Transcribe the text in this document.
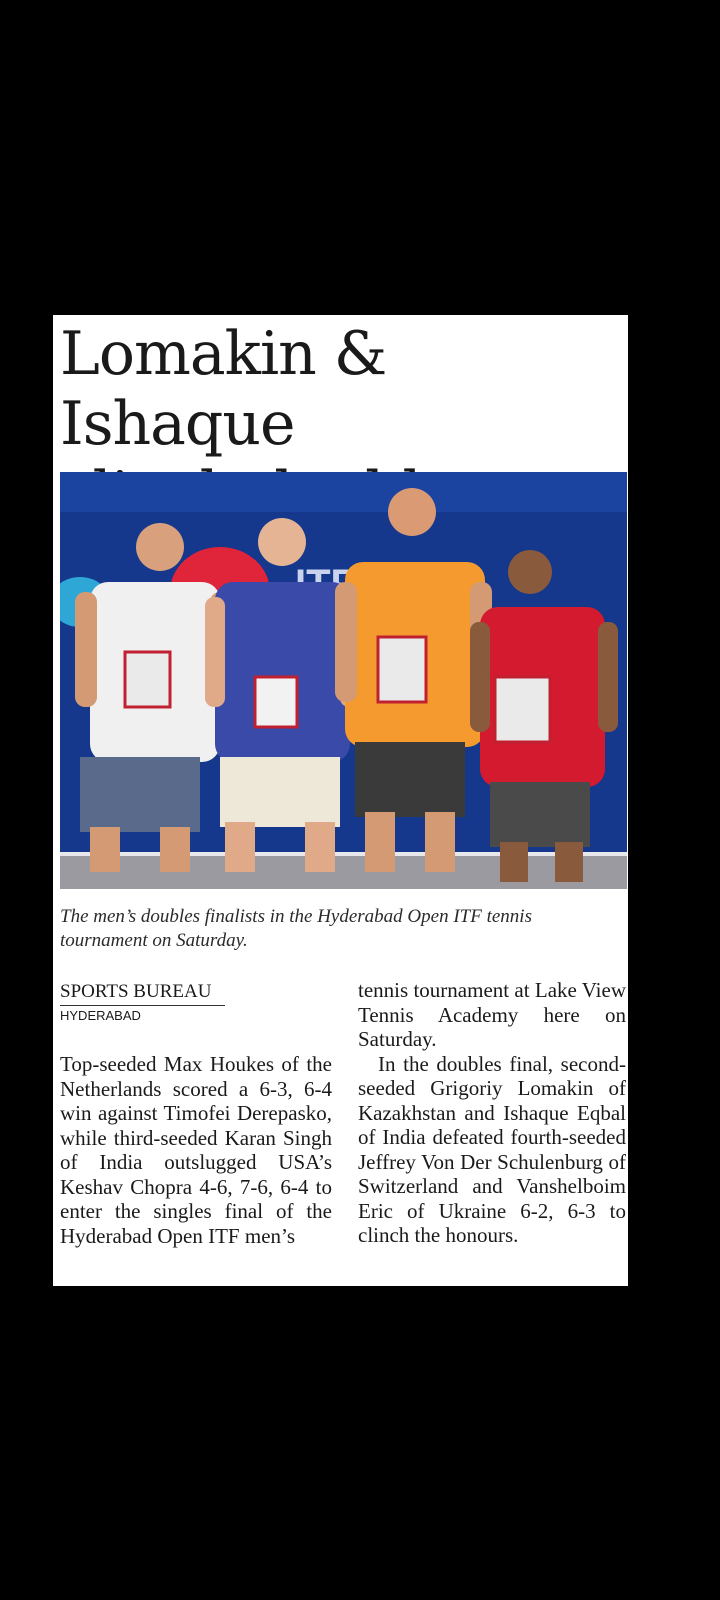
Lomakin & Ishaque
The men’s doubles finalists in the Hyderabad Open ITF tennis tournament on Saturday.
SPORTS BUREAU
HYDERABAD
Top-seeded Max Houkes of the Netherlands scored a 6-3, 6-4 win against Timofei Derepasko, while third-seeded Karan Singh of India outslugged USA’s Keshav Chopra 4-6, 7-6, 6-4 to enter the singles final of the Hyderabad Open ITF men’s

tennis tournament at Lake View Tennis Academy here on Saturday.

In the doubles final, second-seeded Grigoriy Lomakin of Kazakhstan and Ishaque Eqbal of India defeated fourth-seeded Jeffrey Von Der Schulenburg of Switzerland and Vanshelboim Eric of Ukraine 6-2, 6-3 to clinch the honours.
